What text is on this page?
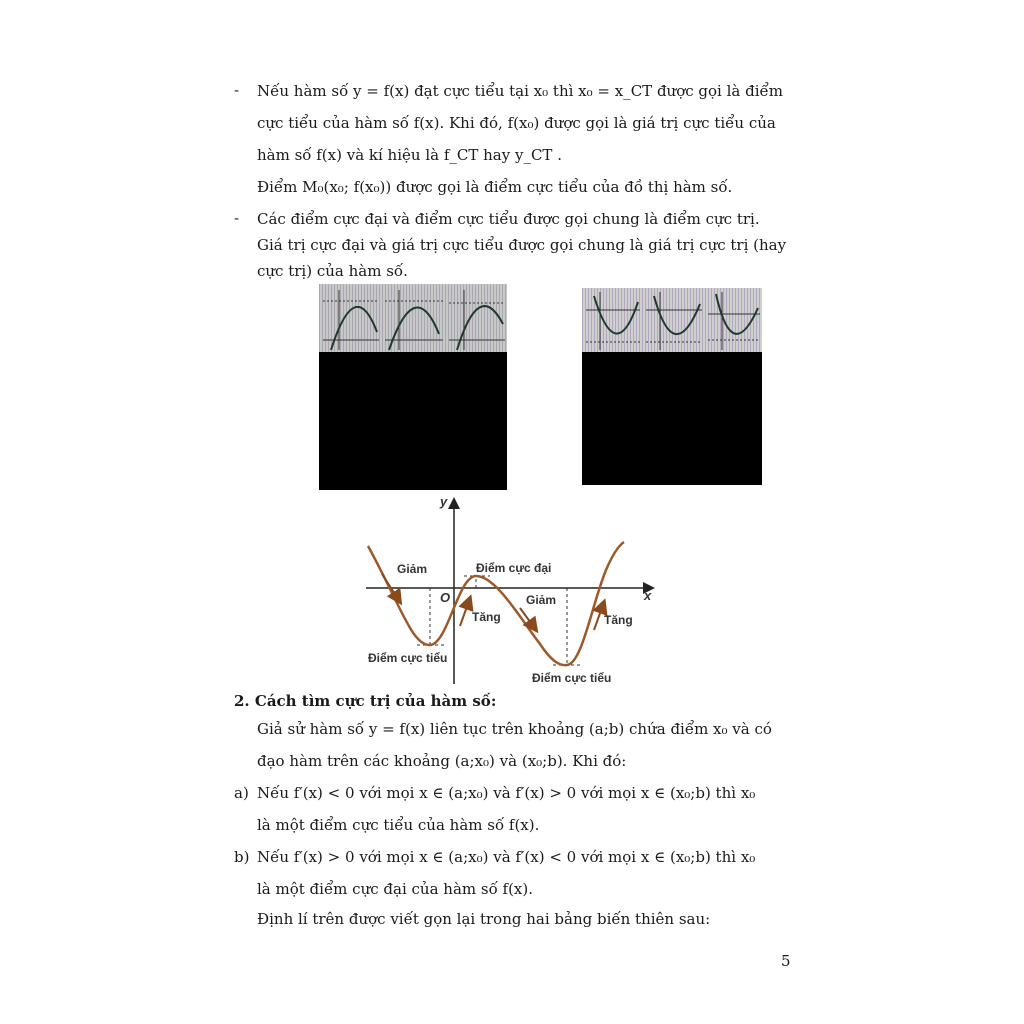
- Nếu hàm số y = f(x) đạt cực tiểu tại x₀ thì x₀ = x_CT được gọi là điểm
cực tiểu của hàm số f(x). Khi đó, f(x₀) được gọi là giá trị cực tiểu của
hàm số f(x) và kí hiệu là f_CT hay y_CT .
Điểm M₀(x₀; f(x₀)) được gọi là điểm cực tiểu của đồ thị hàm số.
- Các điểm cực đại và điểm cực tiểu được gọi chung là điểm cực trị.
Giá trị cực đại và giá trị cực tiểu được gọi chung là giá trị cực trị (hay
cực trị) của hàm số.
y
x
O
Giảm	Điểm cực đại
Tăng
Giảm
Tăng
Điểm cực tiểu
Điểm cực tiểu
2. Cách tìm cực trị của hàm số:
Giả sử hàm số y = f(x) liên tục trên khoảng (a;b) chứa điểm x₀ và có
đạo hàm trên các khoảng (a;x₀) và (x₀;b). Khi đó:
a) Nếu f′(x) < 0 với mọi x ∈ (a;x₀) và f′(x) > 0 với mọi x ∈ (x₀;b) thì x₀
là một điểm cực tiểu của hàm số f(x).
b) Nếu f′(x) > 0 với mọi x ∈ (a;x₀) và f′(x) < 0 với mọi x ∈ (x₀;b) thì x₀
là một điểm cực đại của hàm số f(x).
Định lí trên được viết gọn lại trong hai bảng biến thiên sau:
5
